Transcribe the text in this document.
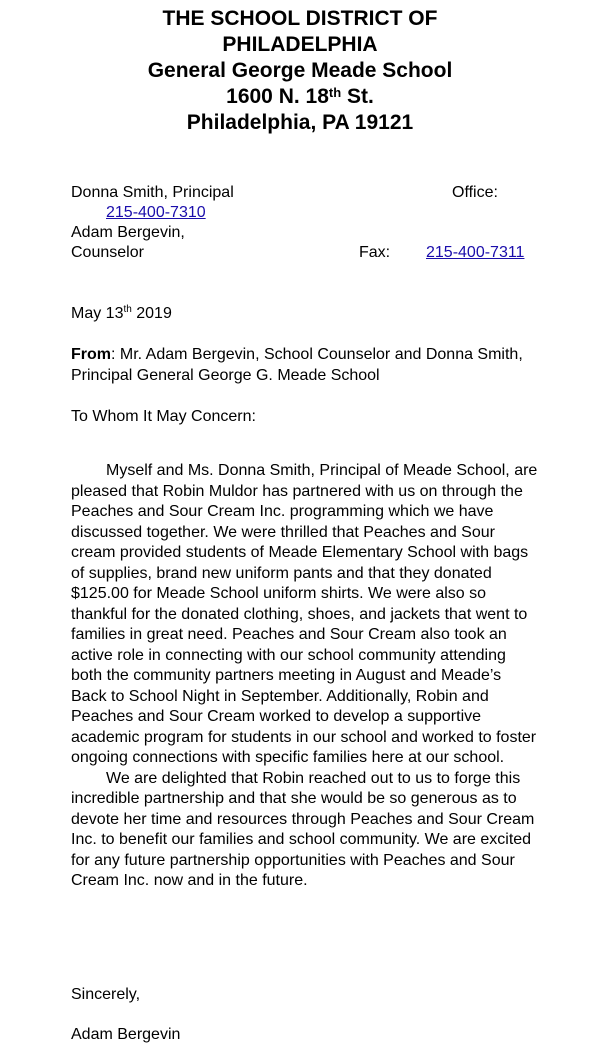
THE SCHOOL DISTRICT OF
PHILADELPHIA
General George Meade School
1600 N. 18th St.
Philadelphia, PA 19121
Donna Smith, Principal	Office:
215-400-7310
Adam Bergevin,
Counselor	Fax: 215-400-7311
May 13th 2019
From: Mr. Adam Bergevin, School Counselor and Donna Smith, Principal General George G. Meade School
To Whom It May Concern:

Myself and Ms. Donna Smith, Principal of Meade School, are pleased that Robin Muldor has partnered with us on through the Peaches and Sour Cream Inc. programming which we have discussed together. We were thrilled that Peaches and Sour cream provided students of Meade Elementary School with bags of supplies, brand new uniform pants and that they donated $125.00 for Meade School uniform shirts. We were also so thankful for the donated clothing, shoes, and jackets that went to families in great need. Peaches and Sour Cream also took an active role in connecting with our school community attending both the community partners meeting in August and Meade’s Back to School Night in September. Additionally, Robin and Peaches and Sour Cream worked to develop a supportive academic program for students in our school and worked to foster ongoing connections with specific families here at our school.

We are delighted that Robin reached out to us to forge this incredible partnership and that she would be so generous as to devote her time and resources through Peaches and Sour Cream Inc. to benefit our families and school community. We are excited for any future partnership opportunities with Peaches and Sour Cream Inc. now and in the future.

Sincerely,
Adam Bergevin
